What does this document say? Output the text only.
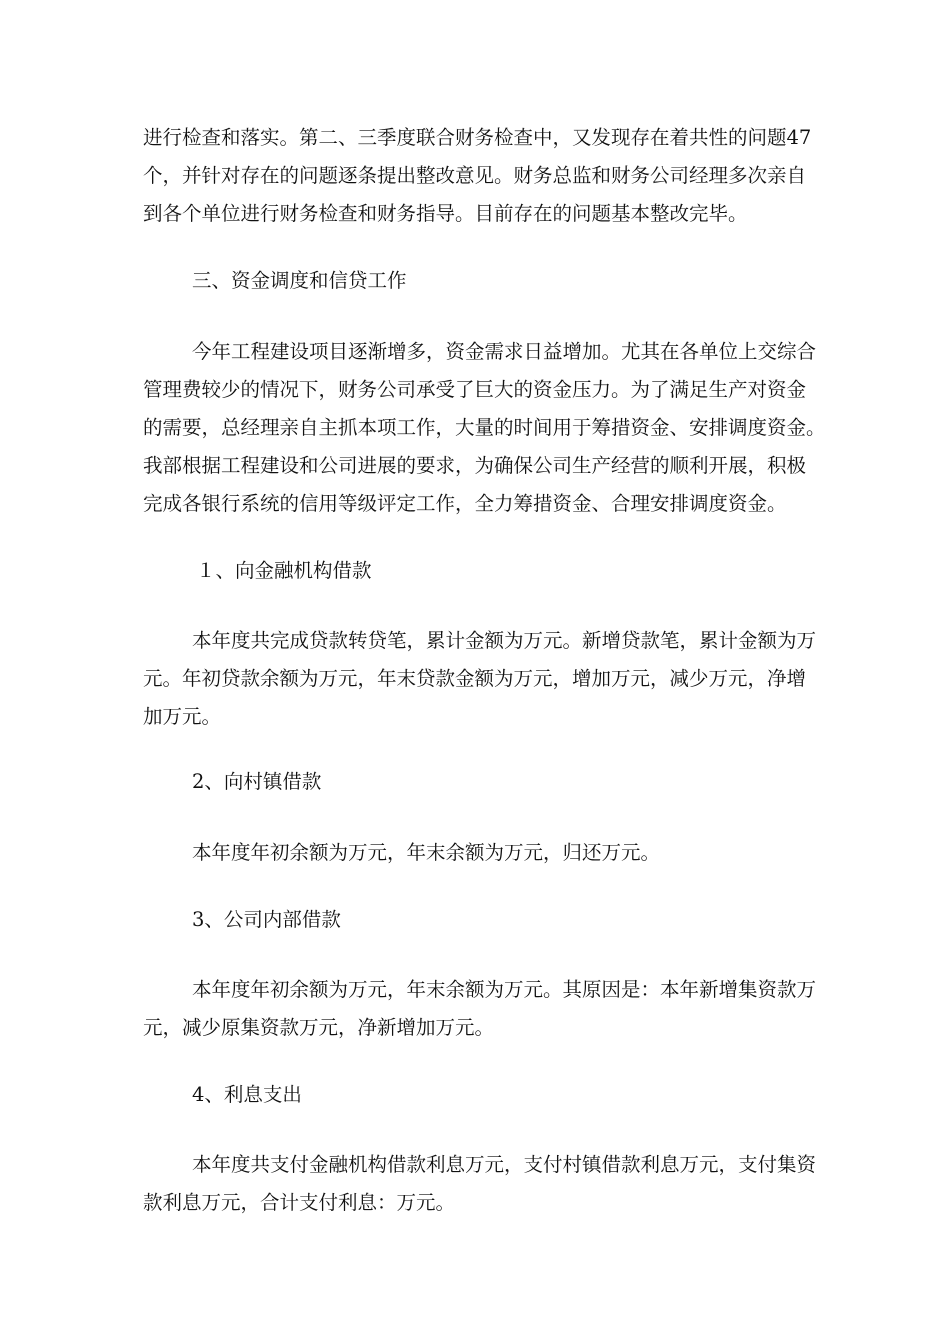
进行检查和落实。第二、三季度联合财务检查中，又发现存在着共性的问题47
个，并针对存在的问题逐条提出整改意见。财务总监和财务公司经理多次亲自
到各个单位进行财务检查和财务指导。目前存在的问题基本整改完毕。
三、资金调度和信贷工作
今年工程建设项目逐渐增多，资金需求日益增加。尤其在各单位上交综合
管理费较少的情况下，财务公司承受了巨大的资金压力。为了满足生产对资金
的需要，总经理亲自主抓本项工作，大量的时间用于筹措资金、安排调度资金。
我部根据工程建设和公司进展的要求，为确保公司生产经营的顺利开展，积极
完成各银行系统的信用等级评定工作，全力筹措资金、合理安排调度资金。
１、向金融机构借款
本年度共完成贷款转贷笔，累计金额为万元。新增贷款笔，累计金额为万
元。年初贷款余额为万元，年末贷款金额为万元，增加万元，减少万元，净增
加万元。
2、向村镇借款
本年度年初余额为万元，年末余额为万元，归还万元。
3、公司内部借款
本年度年初余额为万元，年末余额为万元。其原因是：本年新增集资款万
元，减少原集资款万元，净新增加万元。
4、利息支出
本年度共支付金融机构借款利息万元，支付村镇借款利息万元，支付集资
款利息万元，合计支付利息：万元。
